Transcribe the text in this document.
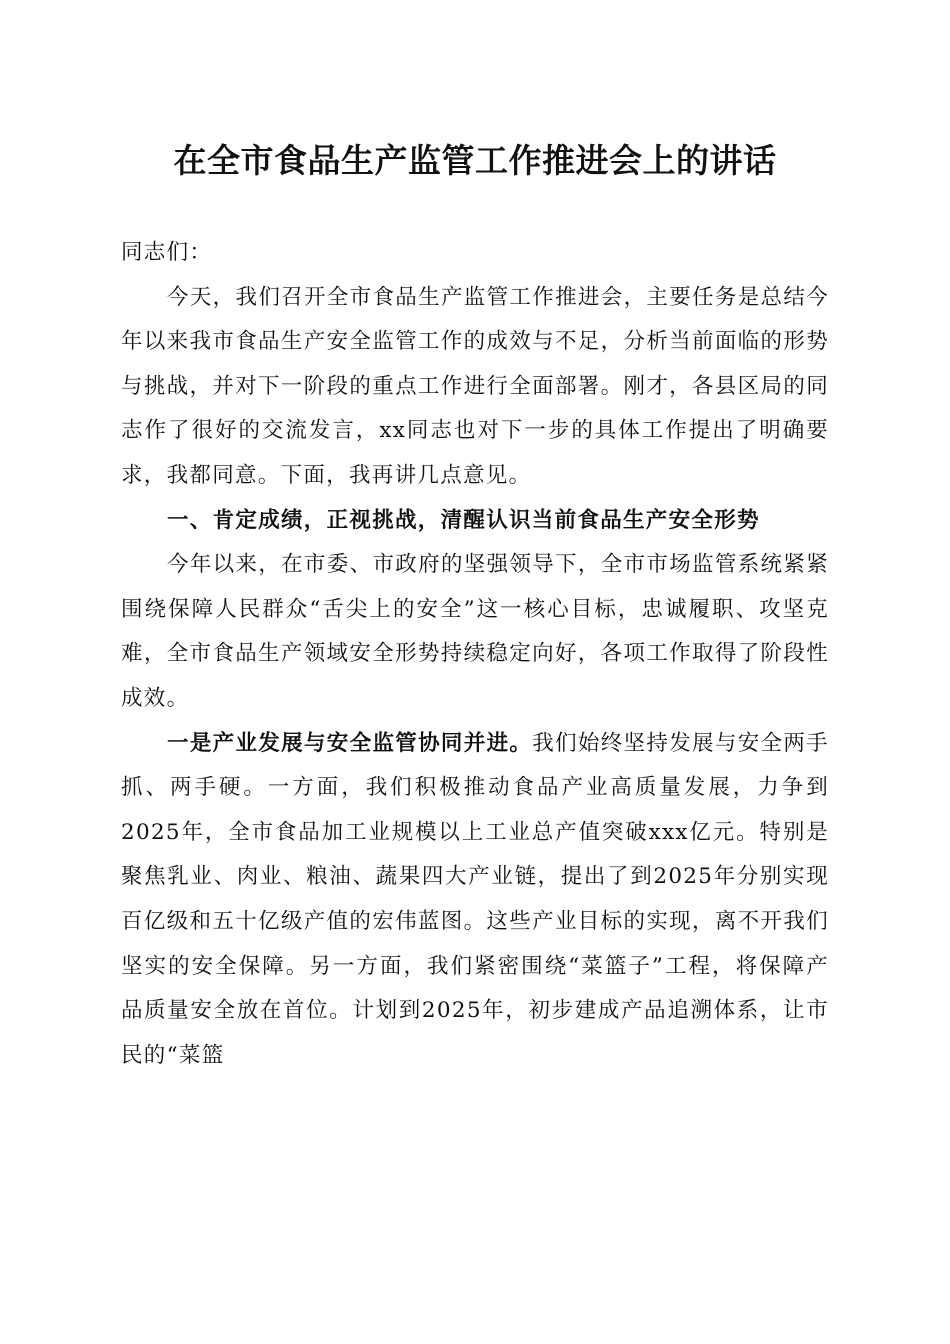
在全市食品生产监管工作推进会上的讲话

同志们：

今天，我们召开全市食品生产监管工作推进会，主要任务是总结今年以来我市食品生产安全监管工作的成效与不足，分析当前面临的形势与挑战，并对下一阶段的重点工作进行全面部署。刚才，各县区局的同志作了很好的交流发言，xx同志也对下一步的具体工作提出了明确要求，我都同意。下面，我再讲几点意见。

一、肯定成绩，正视挑战，清醒认识当前食品生产安全形势

今年以来，在市委、市政府的坚强领导下，全市市场监管系统紧紧围绕保障人民群众“舌尖上的安全”这一核心目标，忠诚履职、攻坚克难，全市食品生产领域安全形势持续稳定向好，各项工作取得了阶段性成效。

一是产业发展与安全监管协同并进。我们始终坚持发展与安全两手抓、两手硬。一方面，我们积极推动食品产业高质量发展，力争到2025年，全市食品加工业规模以上工业总产值突破xxx亿元。特别是聚焦乳业、肉业、粮油、蔬果四大产业链，提出了到2025年分别实现百亿级和五十亿级产值的宏伟蓝图。这些产业目标的实现，离不开我们坚实的安全保障。另一方面，我们紧密围绕“菜篮子”工程，将保障产品质量安全放在首位。计划到2025年，初步建成产品追溯体系，让市民的“菜篮
